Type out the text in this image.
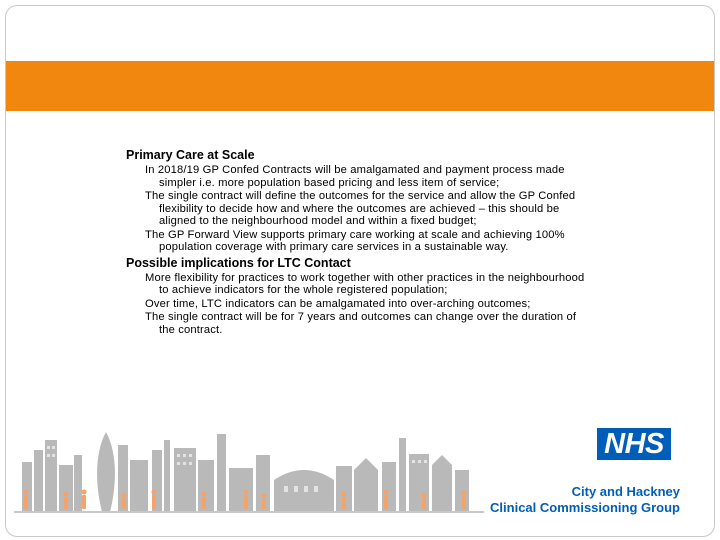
Primary Care at Scale

In 2018/19 GP Confed Contracts will be amalgamated and payment process made simpler i.e. more population based pricing and less item of service;
The single contract will define the outcomes for the service and allow the GP Confed flexibility to decide how and where the outcomes are achieved – this should be aligned to the neighbourhood model and within a fixed budget;
The GP Forward View supports primary care working at scale and achieving 100% population coverage with primary care services in a sustainable way.

Possible implications for LTC Contact

More flexibility for practices to work together with other practices in the neighbourhood to achieve indicators for the whole registered population;
Over time, LTC indicators can be amalgamated into over-arching outcomes;
The single contract will be for 7 years and outcomes can change over the duration of the contract.
NHS
City and Hackney
Clinical Commissioning Group
